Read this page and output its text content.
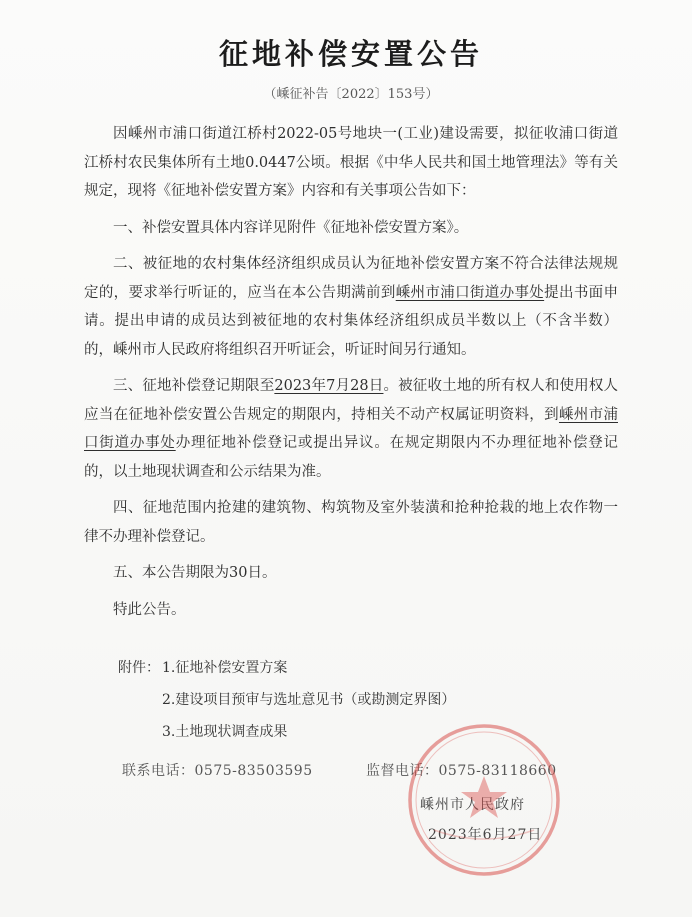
征地补偿安置公告
（嵊征补告〔2022〕153号）

因嵊州市浦口街道江桥村2022-05号地块一(工业)建设需要，拟征收浦口街道江桥村农民集体所有土地0.0447公顷。根据《中华人民共和国土地管理法》等有关规定，现将《征地补偿安置方案》内容和有关事项公告如下：

一、补偿安置具体内容详见附件《征地补偿安置方案》。

二、被征地的农村集体经济组织成员认为征地补偿安置方案不符合法律法规规定的，要求举行听证的，应当在本公告期满前到嵊州市浦口街道办事处提出书面申请。提出申请的成员达到被征地的农村集体经济组织成员半数以上（不含半数）的，嵊州市人民政府将组织召开听证会，听证时间另行通知。

三、征地补偿登记期限至2023年7月28日。被征收土地的所有权人和使用权人应当在征地补偿安置公告规定的期限内，持相关不动产权属证明资料，到嵊州市浦口街道办事处办理征地补偿登记或提出异议。在规定期限内不办理征地补偿登记的，以土地现状调查和公示结果为准。

四、征地范围内抢建的建筑物、构筑物及室外装潢和抢种抢栽的地上农作物一律不办理补偿登记。

五、本公告期限为30日。

特此公告。

附件： 1.征地补偿安置方案
2.建设项目预审与选址意见书（或勘测定界图）
3.土地现状调查成果
联系电话：0575-83503595	监督电话：0575-83118660
嵊州市人民政府
2023年6月27日
